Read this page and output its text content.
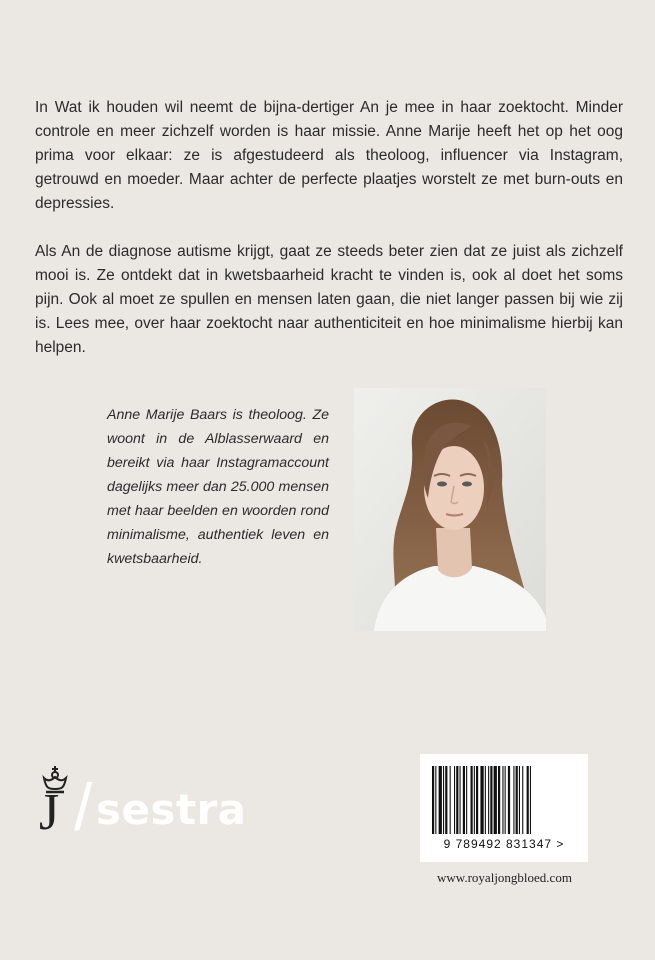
In Wat ik houden wil neemt de bijna-dertiger An je mee in haar zoektocht. Minder controle en meer zichzelf worden is haar missie. Anne Marije heeft het op het oog prima voor elkaar: ze is afgestudeerd als theoloog, influencer via Instagram, getrouwd en moeder. Maar achter de perfecte plaatjes worstelt ze met burn-outs en depressies.

Als An de diagnose autisme krijgt, gaat ze steeds beter zien dat ze juist als zichzelf mooi is. Ze ontdekt dat in kwetsbaarheid kracht te vinden is, ook al doet het soms pijn. Ook al moet ze spullen en mensen laten gaan, die niet langer passen bij wie zij is. Lees mee, over haar zoektocht naar authenticiteit en hoe minimalisme hierbij kan helpen.

Anne Marije Baars is theoloog. Ze woont in de Alblasserwaard en bereikt via haar Instagramaccount dagelijks meer dan 25.000 mensen met haar beelden en woorden rond minimalisme, authentiek leven en kwetsbaarheid.

J / sestra
9 789492 831347 >
www.royaljongbloed.com
